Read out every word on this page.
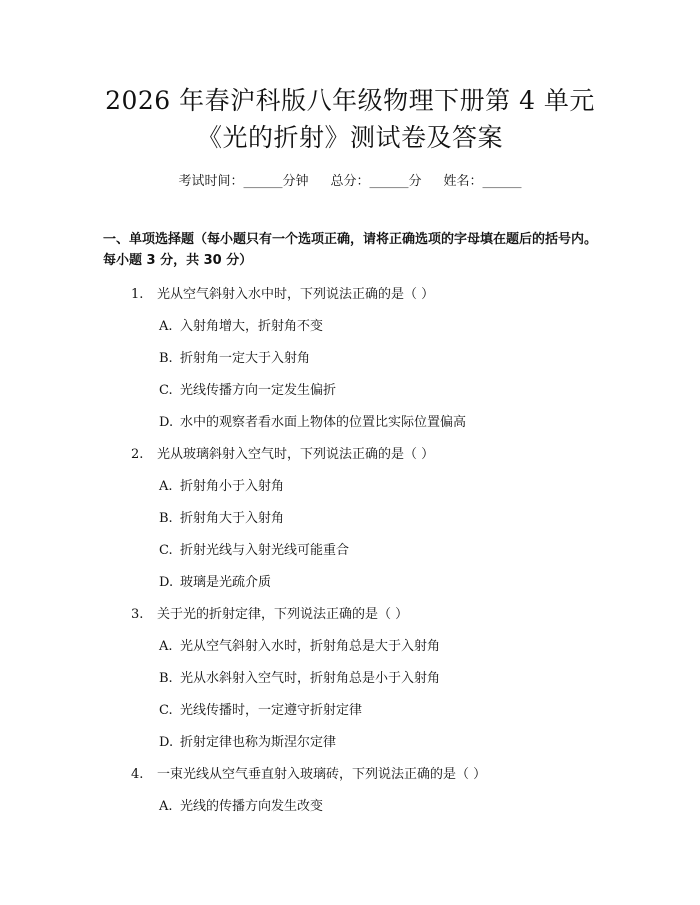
2026 年春沪科版八年级物理下册第 4 单元
《光的折射》测试卷及答案
考试时间：______分钟 总分：______分 姓名：______
一、单项选择题（每小题只有一个选项正确，请将正确选项的字母填在题后的括号内。每小题 3 分，共 30 分）
1. 光从空气斜射入水中时，下列说法正确的是（ ）
A. 入射角增大，折射角不变
B. 折射角一定大于入射角
C. 光线传播方向一定发生偏折
D. 水中的观察者看水面上物体的位置比实际位置偏高
2. 光从玻璃斜射入空气时，下列说法正确的是（ ）
A. 折射角小于入射角
B. 折射角大于入射角
C. 折射光线与入射光线可能重合
D. 玻璃是光疏介质
3. 关于光的折射定律，下列说法正确的是（ ）
A. 光从空气斜射入水时，折射角总是大于入射角
B. 光从水斜射入空气时，折射角总是小于入射角
C. 光线传播时，一定遵守折射定律
D. 折射定律也称为斯涅尔定律
4. 一束光线从空气垂直射入玻璃砖，下列说法正确的是（ ）
A. 光线的传播方向发生改变
